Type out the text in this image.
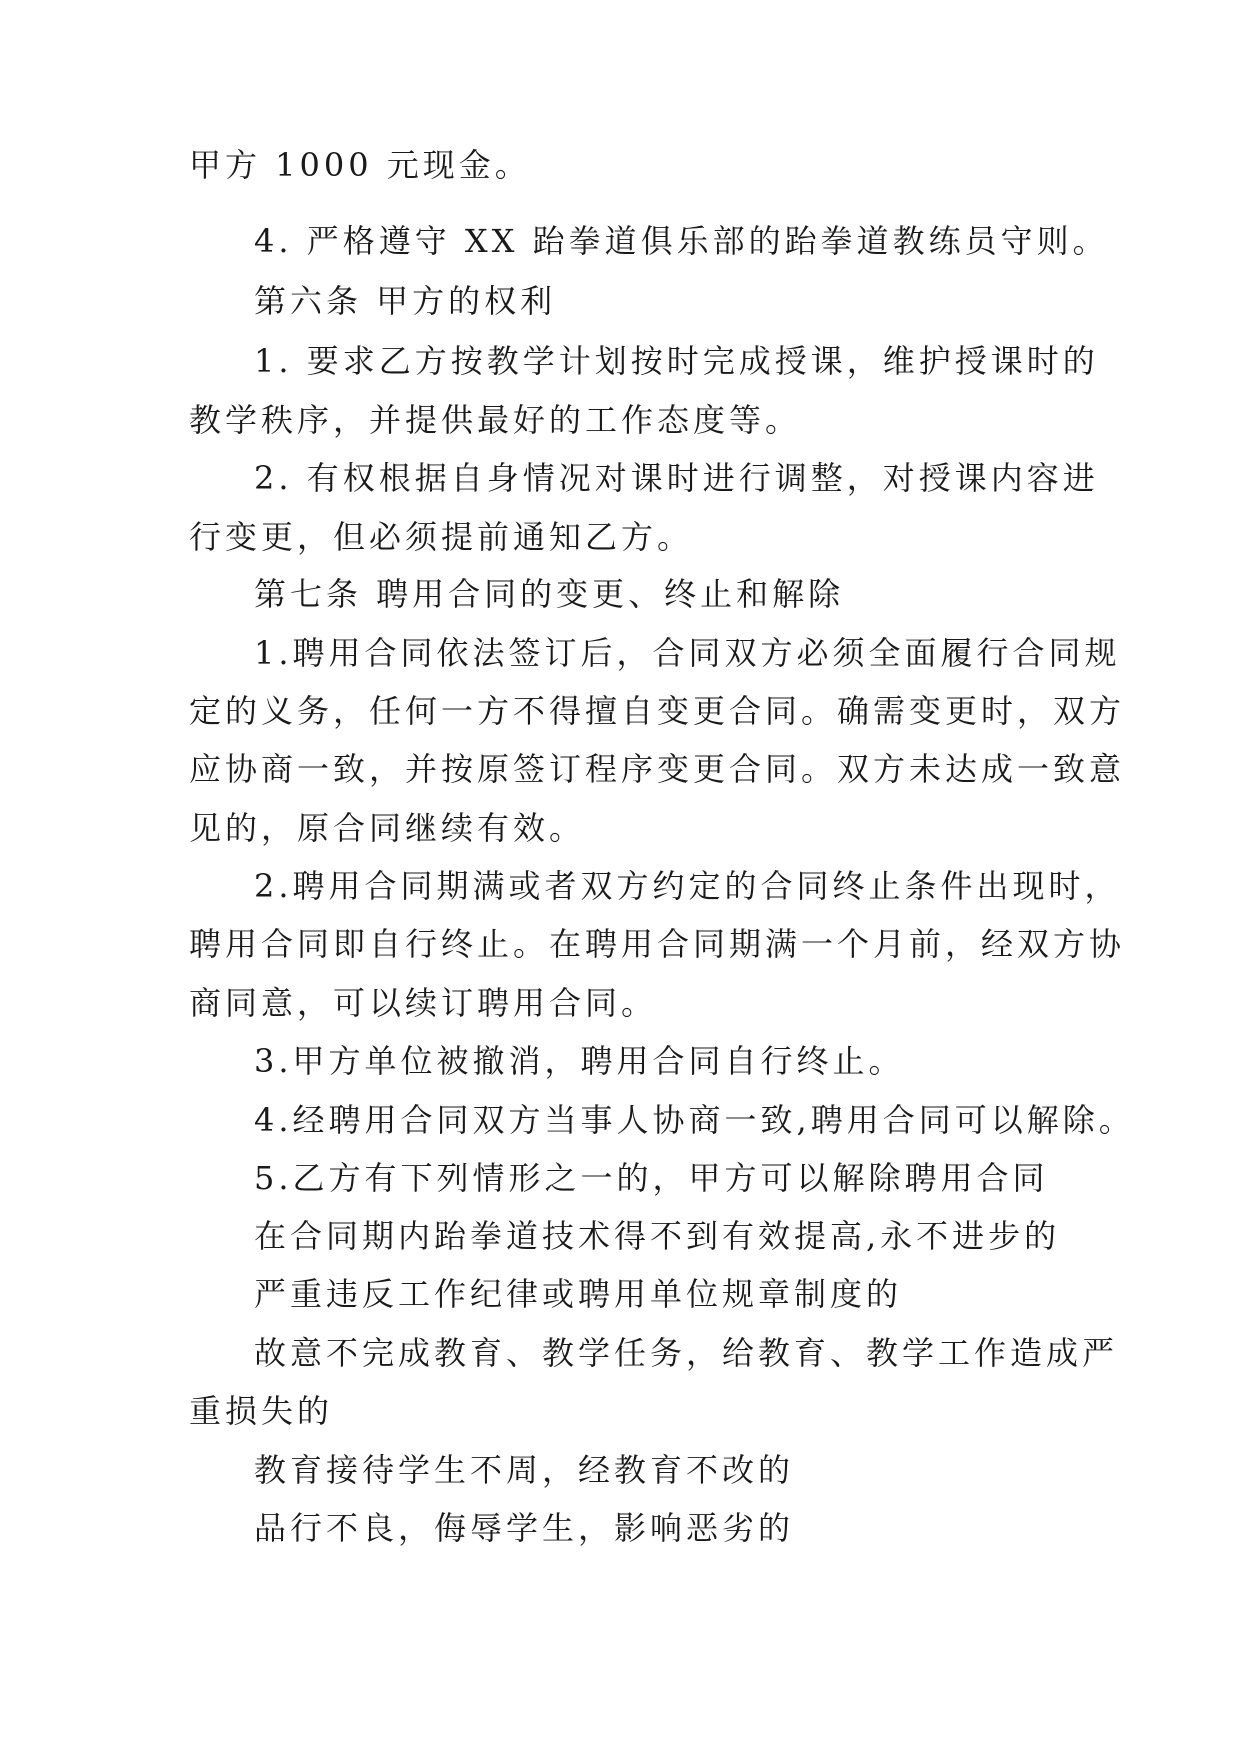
甲方 1000 元现金。
4. 严格遵守 XX 跆拳道俱乐部的跆拳道教练员守则。
第六条 甲方的权利
1. 要求乙方按教学计划按时完成授课，维护授课时的
教学秩序，并提供最好的工作态度等。
2. 有权根据自身情况对课时进行调整，对授课内容进
行变更，但必须提前通知乙方。
第七条 聘用合同的变更、终止和解除
1.聘用合同依法签订后，合同双方必须全面履行合同规
定的义务，任何一方不得擅自变更合同。确需变更时，双方
应协商一致，并按原签订程序变更合同。双方未达成一致意
见的，原合同继续有效。
2.聘用合同期满或者双方约定的合同终止条件出现时，
聘用合同即自行终止。在聘用合同期满一个月前，经双方协
商同意，可以续订聘用合同。
3.甲方单位被撤消，聘用合同自行终止。
4.经聘用合同双方当事人协商一致,聘用合同可以解除。
5.乙方有下列情形之一的，甲方可以解除聘用合同
在合同期内跆拳道技术得不到有效提高,永不进步的
严重违反工作纪律或聘用单位规章制度的
故意不完成教育、教学任务，给教育、教学工作造成严
重损失的
教育接待学生不周，经教育不改的
品行不良，侮辱学生，影响恶劣的
